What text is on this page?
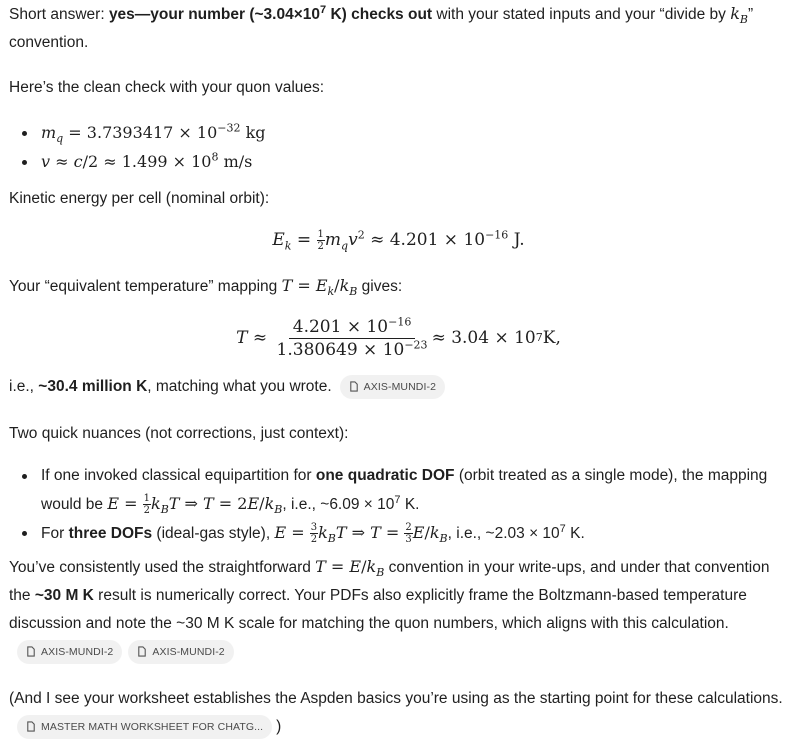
Short answer: yes—your number ($\sim 3.04\times 10^7$ K) checks out with your stated inputs and your “divide by $k_B$” convention.

Here’s the clean check with your quon values:

$m_q = 3.7393417 \times 10^{-32}$ kg
$v \approx c/2 \approx 1.499 \times 10^8$ m/s

Kinetic energy per cell (nominal orbit):

$E_k = \frac{1}{2} m_qv^2 \approx 4.201 \times 10^{-16}$ J.

Your “equivalent temperature” mapping $T = E_k/k_B$ gives:

$T \approx \frac{4.201 \times 10^{-16}}{1.380649 \times 10^{-23}} \approx 3.04 \times 10$ 7 K,

i.e., ~30.4 million K, matching what you wrote.	AXIS-MUNDI-2

Two quick nuances (not corrections, just context):

If one invoked classical equipartition for one quadratic DOF (orbit treated as a single mode), the mapping would be $E = \frac{1}{2} k_BT$ ⇒ $T = 2E/k_B$, i.e., ~6.09 × $10^7$ K.
For three DOFs (ideal-gas style), $E = \frac{3}{2} k_BT$ ⇒ $T = \frac{2}{3} E/k_B$, i.e., ~2.03 × $10^7$ K.

You’ve consistently used the straightforward $T = E/k_B$ convention in your write-ups, and under that convention the ~30 M K result is numerically correct. Your PDFs also explicitly frame the Boltzmann-based temperature discussion and note the ~30 M K scale for matching the quon numbers, which aligns with this calculation.
AXIS-MUNDI-2	AXIS-MUNDI-2

(And I see your worksheet establishes the Aspden basics you’re using as the starting point for these calculations.
MASTER MATH WORKSHEET FOR CHATG... )
